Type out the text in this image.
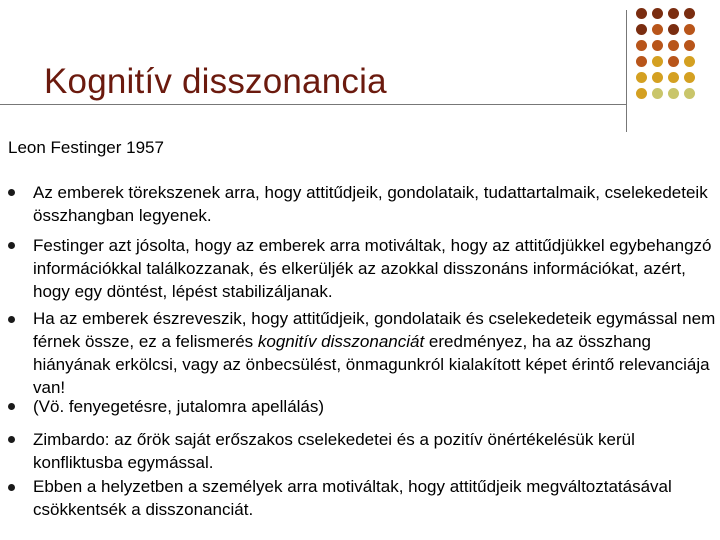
Kognitív disszonancia
Leon Festinger 1957
Az emberek törekszenek arra, hogy attitűdjeik, gondolataik, tudattartalmaik, cselekedeteik összhangban legyenek.
Festinger azt jósolta, hogy az emberek arra motiváltak, hogy az attitűdjükkel egybehangzó információkkal találkozzanak, és elkerüljék az azokkal disszonáns információkat, azért, hogy egy döntést, lépést stabilizáljanak.
Ha az emberek észreveszik, hogy attitűdjeik, gondolataik és cselekedeteik egymással nem férnek össze, ez a felismerés kognitív disszonanciát eredményez, ha az összhang hiányának erkölcsi, vagy az önbecsülést, önmagunkról kialakított képet érintő relevanciája van!
(Vö. fenyegetésre, jutalomra apellálás)
Zimbardo: az őrök saját erőszakos cselekedetei és a pozitív önértékelésük kerül konfliktusba egymással.
Ebben a helyzetben a személyek arra motiváltak, hogy attitűdjeik megváltoztatásával csökkentsék a disszonanciát.
